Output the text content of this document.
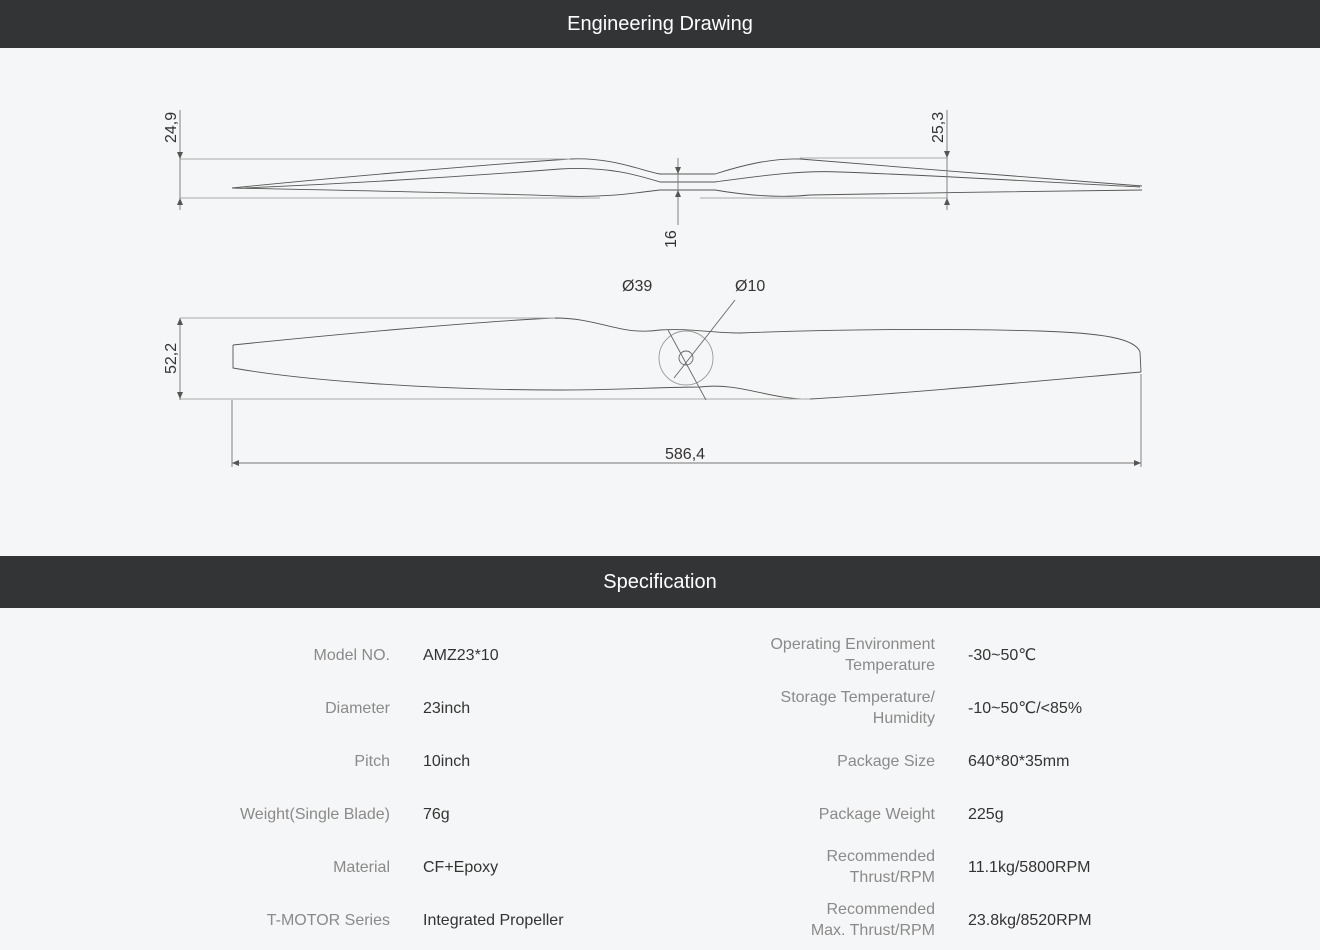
Engineering Drawing
24,9	25,3
16
52,2
Ø39	Ø10
586,4
Specification
Model NO. AMZ23*10
Diameter 23inch
Pitch 10inch
Weight(Single Blade) 76g
Material CF+Epoxy
T-MOTOR Series Integrated Propeller
Operating Environment
Temperature
-30~50℃
Storage Temperature/
Humidity
-10~50℃/<85%
Package Size 640*80*35mm
Package Weight 225g
Recommended
Thrust/RPM
11.1kg/5800RPM
Recommended
Max. Thrust/RPM
23.8kg/8520RPM
